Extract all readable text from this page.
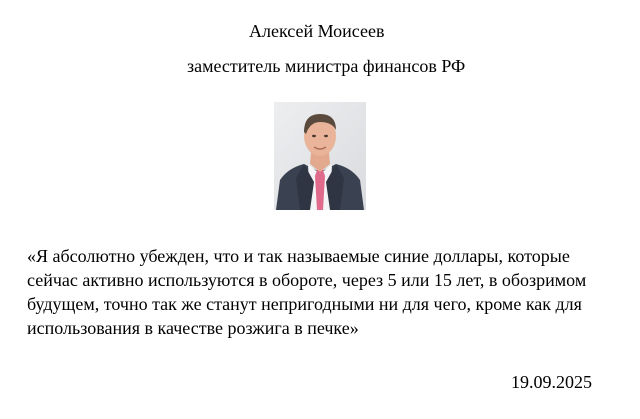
Алексей Моисеев
заместитель министра финансов РФ

«Я абсолютно убежден, что и так называемые синие доллары, которые
сейчас активно используются в обороте, через 5 или 15 лет, в обозримом
будущем, точно так же станут непригодными ни для чего, кроме как для
использования в качестве розжига в печке»

19.09.2025
